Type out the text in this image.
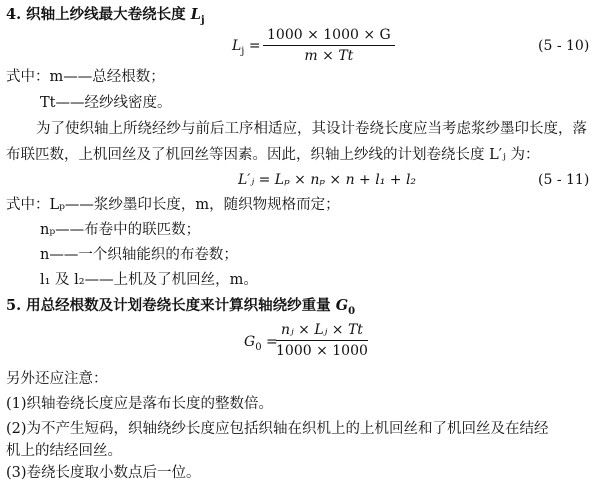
4. 织轴上纱线最大卷绕长度 $L_j$
$L_j = \frac{1000 \times 1000 \times G}{m \times Tt}$	(5 - 10)
式中：m——总经根数；
Tt——经纱线密度。
为了使织轴上所绕经纱与前后工序相适应，其设计卷绕长度应当考虑浆纱墨印长度，落
布联匹数，上机回丝及了机回丝等因素。因此，织轴上纱线的计划卷绕长度 L′ⱼ 为：
L′ⱼ = Lₚ × nₚ × n + l₁ + l₂	(5 - 11)
式中：Lₚ——浆纱墨印长度，m，随织物规格而定；
nₚ——布卷中的联匹数；
n——一个织轴能织的布卷数；
l₁ 及 l₂——上机及了机回丝，m。
5. 用总经根数及计划卷绕长度来计算织轴绕纱重量 $G_0$
$G_0$ =
$\frac{\text{nⱼ × Lⱼ × Tt}}{1000 \times 1000}$
另外还应注意：
(1)织轴卷绕长度应是落布长度的整数倍。
(2)为不产生短码，织轴绕纱长度应包括织轴在织机上的上机回丝和了机回丝及在结经
机上的结经回丝。
(3)卷绕长度取小数点后一位。
